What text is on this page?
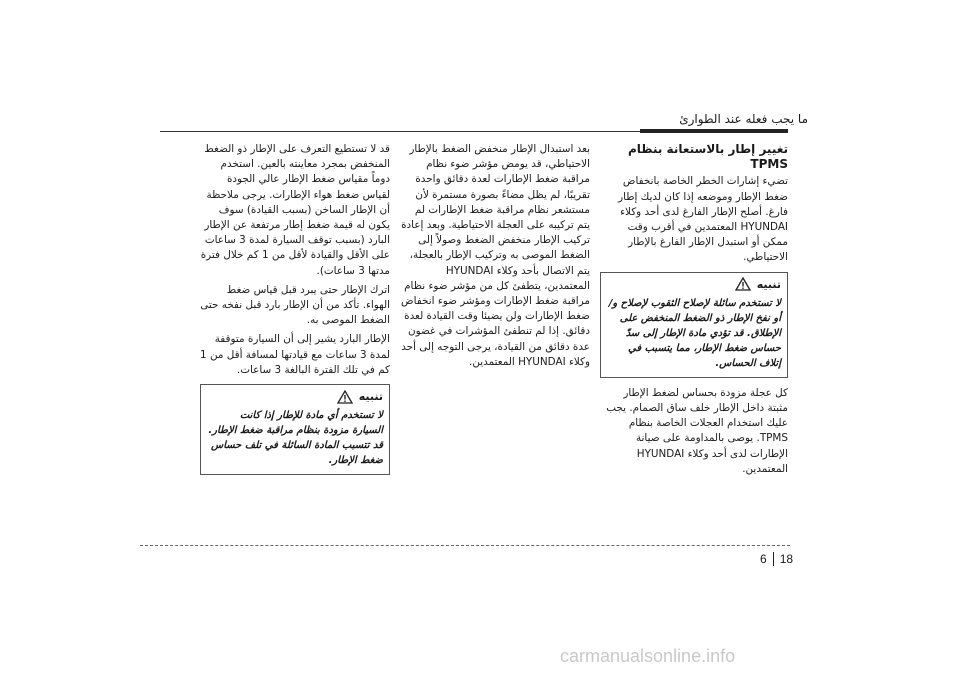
ما يجب فعله عند الطوارئ
تغيير إطار بالاستعانة بنظام TPMS

تضيء إشارات الخطر الخاصة بانخفاض ضغط الإطار وموضعه إذا كان لديك إطار فارغ. أصلح الإطار الفارغ لدى أحد وكلاء HYUNDAI المعتمدين في أقرب وقت ممكن أو استبدل الإطار الفارغ بالإطار الاحتياطي.

تنبيه
لا تستخدم سائلة لإصلاح الثقوب لإصلاح و/أو نفخ الإطار ذو الضغط المنخفض على الإطلاق. قد تؤدي مادة الإطار إلى سدّ حساس ضغط الإطار، مما يتسبب في إتلاف الحساس.

كل عجلة مزودة بحساس لضغط الإطار مثبتة داخل الإطار خلف ساق الصمام. يجب عليك استخدام العجلات الخاصة بنظام TPMS. يوصى بالمداومة على صيانة الإطارات لدى أحد وكلاء HYUNDAI المعتمدين.

بعد استبدال الإطار منخفض الضغط بالإطار الاحتياطي، قد يومض مؤشر ضوء نظام مراقبة ضغط الإطارات لعدة دقائق واحدة تقريبًا، لم يظل مضاءً بصورة مستمرة لأن مستشعر نظام مراقبة ضغط الإطارات لم يتم تركيبه على العجلة الاحتياطية. وبعد إعادة تركيب الإطار منخفض الضغط وصولاً إلى الضغط الموصى به وتركيب الإطار بالعجلة، يتم الاتصال بأحد وكلاء HYUNDAI المعتمدين، يتطفئ كل من مؤشر ضوء نظام مراقبة ضغط الإطارات ومؤشر ضوء انخفاض ضغط الإطارات ولن يضيئا وقت القيادة لعدة دقائق. إذا لم تنطفئ المؤشرات في غضون عدة دقائق من القيادة، يرجى التوجه إلى أحد وكلاء HYUNDAI المعتمدين.

قد لا تستطيع التعرف على الإطار ذو الضغط المنخفض بمجرد معاينته بالعين. استخدم دوماً مقياس ضغط الإطار عالي الجودة لقياس ضغط هواء الإطارات. يرجى ملاحظة أن الإطار الساخن (بسبب القيادة) سوف يكون له قيمة ضغط إطار مرتفعة عن الإطار البارد (بسبب توقف السيارة لمدة 3 ساعات على الأقل والقيادة لأقل من 1 كم خلال فترة مدتها 3 ساعات).

اترك الإطار حتى يبرد قبل قياس ضغط الهواء. تأكد من أن الإطار بارد قبل نفخه حتى الضغط الموصى به.

الإطار البارد يشير إلى أن السيارة متوقفة لمدة 3 ساعات مع قيادتها لمسافة أقل من 1 كم في تلك الفترة البالغة 3 ساعات.

تنبيه
لا تستخدم أي مادة للإطار إذا كانت السيارة مزودة بنظام مراقبة ضغط الإطار. قد تتسبب المادة السائلة في تلف حساس ضغط الإطار.
6 18
carmanualsonline.info
